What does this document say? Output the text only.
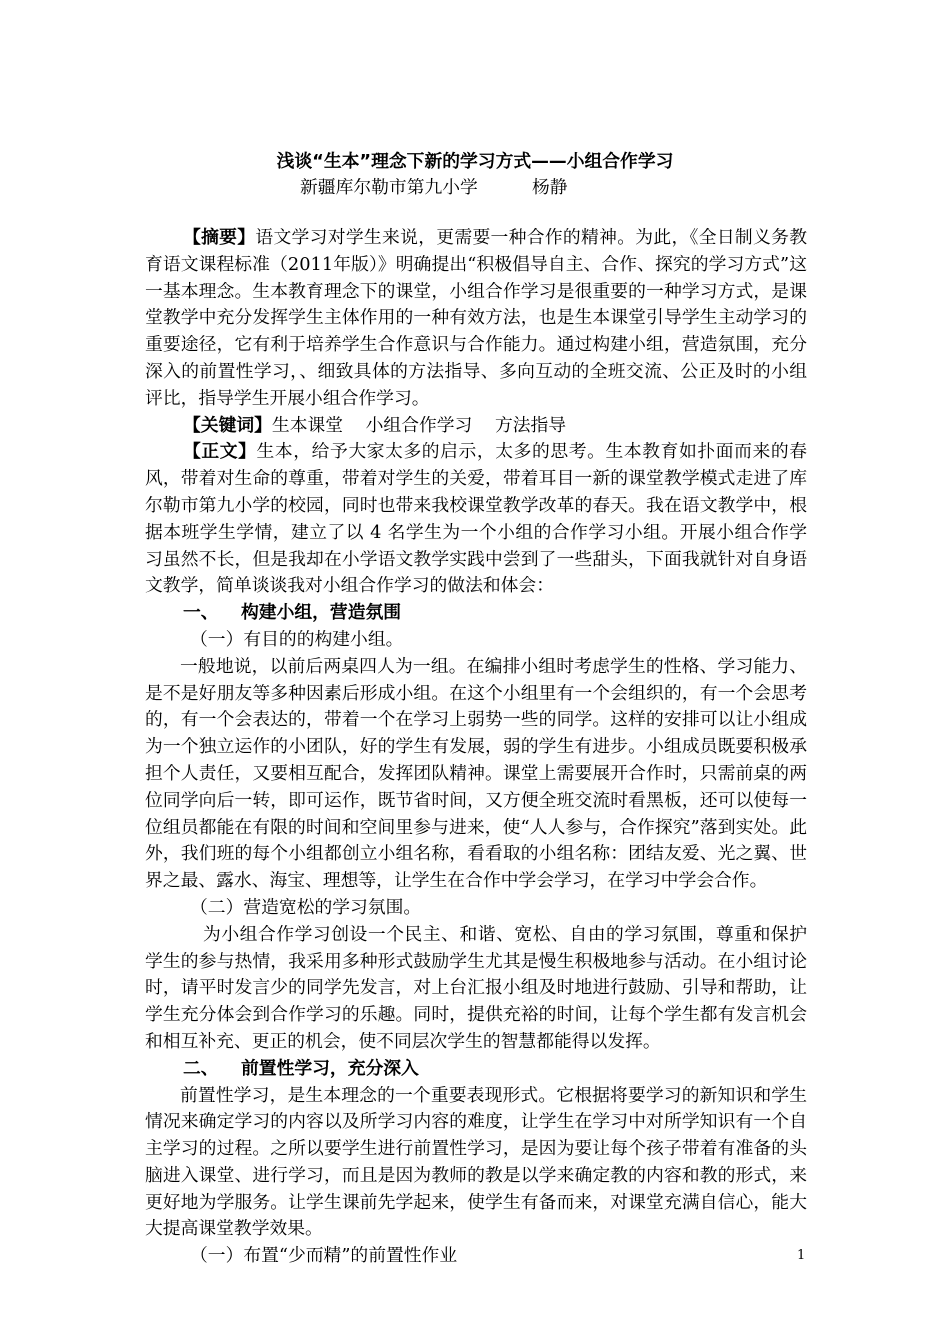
浅谈“生本”理念下新的学习方式——小组合作学习
新疆库尔勒市第九小学	杨静

【摘要】语文学习对学生来说，更需要一种合作的精神。为此，《全日制义务教育语文课程标准（2011年版）》明确提出“积极倡导自主、合作、探究的学习方式”这一基本理念。生本教育理念下的课堂，小组合作学习是很重要的一种学习方式，是课堂教学中充分发挥学生主体作用的一种有效方法，也是生本课堂引导学生主动学习的重要途径，它有利于培养学生合作意识与合作能力。通过构建小组，营造氛围，充分深入的前置性学习，、细致具体的方法指导、多向互动的全班交流、公正及时的小组评比，指导学生开展小组合作学习。

【关键词】生本课堂    小组合作学习    方法指导

【正文】生本，给予大家太多的启示，太多的思考。生本教育如扑面而来的春风，带着对生命的尊重，带着对学生的关爱，带着耳目一新的课堂教学模式走进了库尔勒市第九小学的校园，同时也带来我校课堂教学改革的春天。我在语文教学中，根据本班学生学情，建立了以 4 名学生为一个小组的合作学习小组。开展小组合作学习虽然不长，但是我却在小学语文教学实践中尝到了一些甜头，下面我就针对自身语文教学，简单谈谈我对小组合作学习的做法和体会：

一、 构建小组，营造氛围

（一）有目的的构建小组。

一般地说，以前后两桌四人为一组。在编排小组时考虑学生的性格、学习能力、是不是好朋友等多种因素后形成小组。在这个小组里有一个会组织的，有一个会思考的，有一个会表达的，带着一个在学习上弱势一些的同学。这样的安排可以让小组成为一个独立运作的小团队，好的学生有发展，弱的学生有进步。小组成员既要积极承担个人责任，又要相互配合，发挥团队精神。课堂上需要展开合作时，只需前桌的两位同学向后一转，即可运作，既节省时间，又方便全班交流时看黑板，还可以使每一位组员都能在有限的时间和空间里参与进来，使“人人参与，合作探究”落到实处。此外，我们班的每个小组都创立小组名称，看看取的小组名称：团结友爱、光之翼、世界之最、露水、海宝、理想等，让学生在合作中学会学习，在学习中学会合作。

（二）营造宽松的学习氛围。

为小组合作学习创设一个民主、和谐、宽松、自由的学习氛围，尊重和保护学生的参与热情，我采用多种形式鼓励学生尤其是慢生积极地参与活动。在小组讨论时，请平时发言少的同学先发言，对上台汇报小组及时地进行鼓励、引导和帮助，让学生充分体会到合作学习的乐趣。同时，提供充裕的时间，让每个学生都有发言机会和相互补充、更正的机会，使不同层次学生的智慧都能得以发挥。

二、 前置性学习，充分深入

前置性学习，是生本理念的一个重要表现形式。它根据将要学习的新知识和学生情况来确定学习的内容以及所学习内容的难度，让学生在学习中对所学知识有一个自主学习的过程。之所以要学生进行前置性学习，是因为要让每个孩子带着有准备的头脑进入课堂、进行学习，而且是因为教师的教是以学来确定教的内容和教的形式，来更好地为学服务。让学生课前先学起来，使学生有备而来，对课堂充满自信心，能大大提高课堂教学效果。

（一）布置“少而精”的前置性作业	1
